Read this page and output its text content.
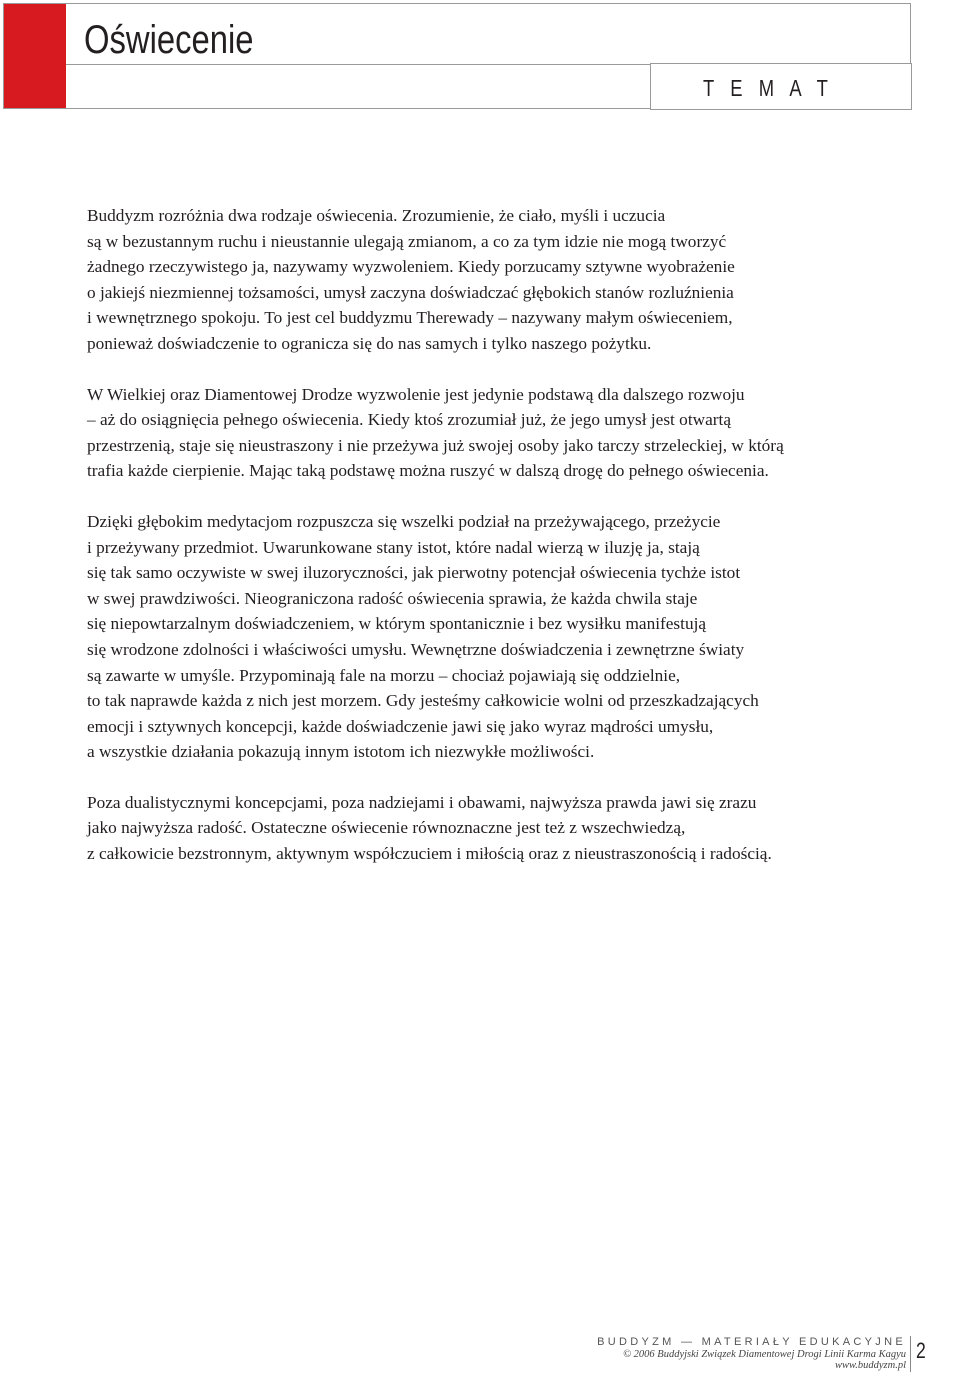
Oświecenie
T E M A T

Buddyzm rozróżnia dwa rodzaje oświecenia. Zrozumienie, że ciało, myśli i uczucia
są w bezustannym ruchu i nieustannie ulegają zmianom, a co za tym idzie nie mogą tworzyć
żadnego rzeczywistego ja, nazywamy wyzwoleniem. Kiedy porzucamy sztywne wyobrażenie
o jakiejś niezmiennej tożsamości, umysł zaczyna doświadczać głębokich stanów rozluźnienia
i wewnętrznego spokoju. To jest cel buddyzmu Therewady – nazywany małym oświeceniem,
ponieważ doświadczenie to ogranicza się do nas samych i tylko naszego pożytku.

W Wielkiej oraz Diamentowej Drodze wyzwolenie jest jedynie podstawą dla dalszego rozwoju
– aż do osiągnięcia pełnego oświecenia. Kiedy ktoś zrozumiał już, że jego umysł jest otwartą
przestrzenią, staje się nieustraszony i nie przeżywa już swojej osoby jako tarczy strzeleckiej, w którą
trafia każde cierpienie. Mając taką podstawę można ruszyć w dalszą drogę do pełnego oświecenia.

Dzięki głębokim medytacjom rozpuszcza się wszelki podział na przeżywającego, przeżycie
i przeżywany przedmiot. Uwarunkowane stany istot, które nadal wierzą w iluzję ja, stają
się tak samo oczywiste w swej iluzoryczności, jak pierwotny potencjał oświecenia tychże istot
w swej prawdziwości. Nieograniczona radość oświecenia sprawia, że każda chwila staje
się niepowtarzalnym doświadczeniem, w którym spontanicznie i bez wysiłku manifestują
się wrodzone zdolności i właściwości umysłu. Wewnętrzne doświadczenia i zewnętrzne światy
są zawarte w umyśle. Przypominają fale na morzu – chociaż pojawiają się oddzielnie,
to tak naprawde każda z nich jest morzem. Gdy jesteśmy całkowicie wolni od przeszkadzających
emocji i sztywnych koncepcji, każde doświadczenie jawi się jako wyraz mądrości umysłu,
a wszystkie działania pokazują innym istotom ich niezwykłe możliwości.

Poza dualistycznymi koncepcjami, poza nadziejami i obawami, najwyższa prawda jawi się zrazu
jako najwyższa radość. Ostateczne oświecenie równoznaczne jest też z wszechwiedzą,
z całkowicie bezstronnym, aktywnym współczuciem i miłością oraz z nieustraszonością i radością.

BUDDYZM — MATERIAŁY EDUKACYJNE
© 2006 Buddyjski Związek Diamentowej Drogi Linii Karma Kagyu
www.buddyzm.pl
2
